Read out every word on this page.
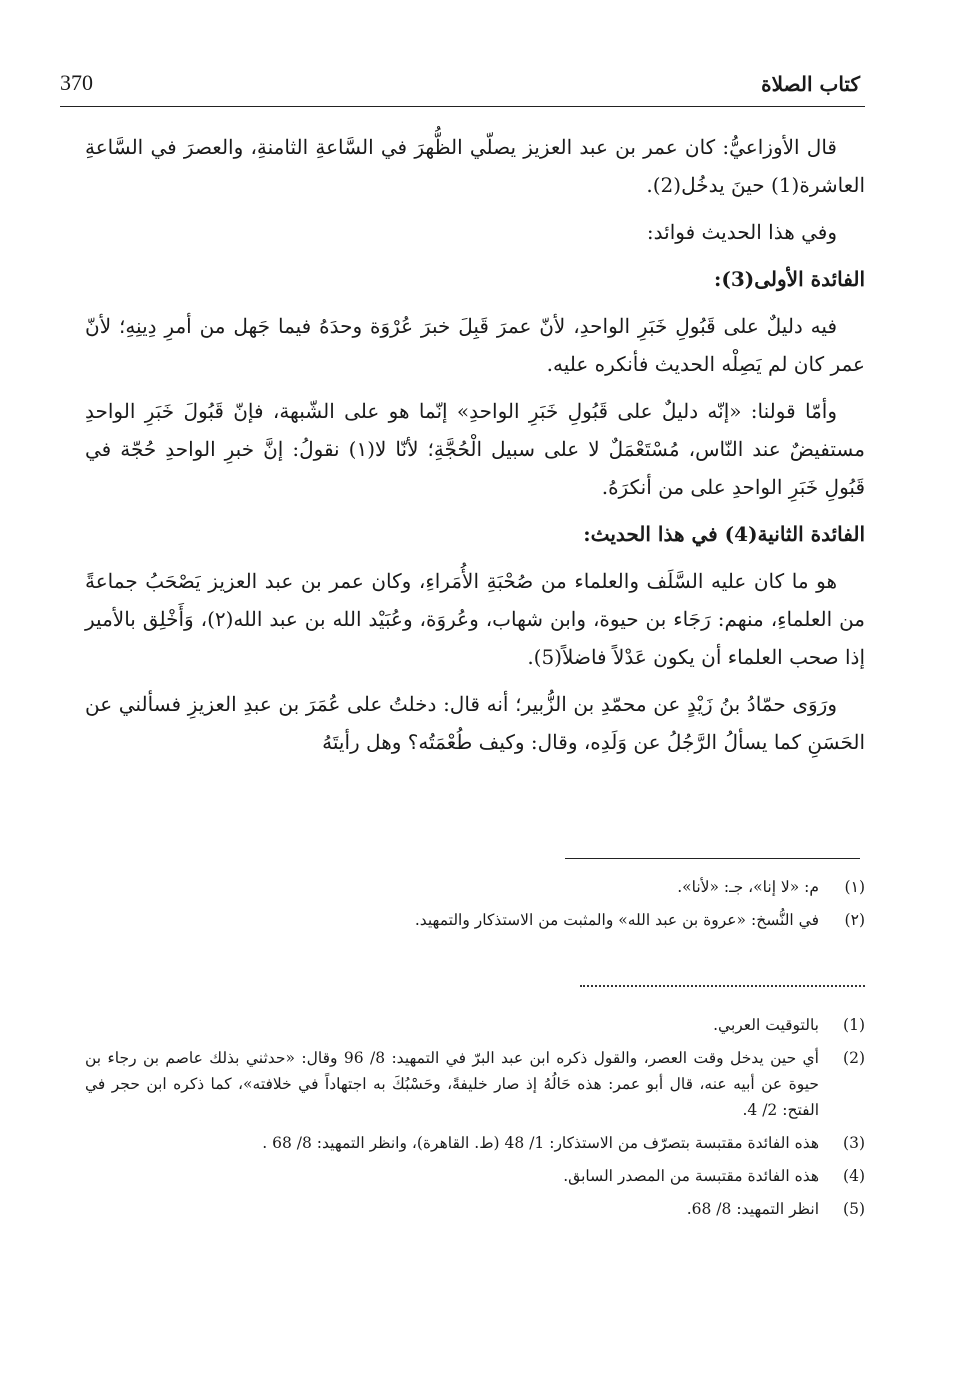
370	كتاب الصلاة

قال الأوزاعيُّ: كان عمر بن عبد العزيز يصلّي الظُّهرَ في السَّاعةِ الثامنةِ، والعصرَ في السَّاعةِ العاشرة(1) حينَ يدخُل(2).

وفي هذا الحديث فوائد:

الفائدة الأولى(3):

فيه دليلٌ على قَبُولِ خَبَرِ الواحدِ، لأنّ عمرَ قَبِلَ خبرَ عُرْوَة وحدَهُ فيما جَهل من أمرِ دِينِهِ؛ لأنّ عمر كان لم يَصِلْه الحديث فأنكره عليه.

وأمّا قولنا: «إنّه دليلٌ على قَبُولِ خَبَرِ الواحدِ» إنّما هو على الشّبهة، فإنّ قَبُولَ خَبَرِ الواحدِ مستفيضٌ عند النّاس، مُسْتَعْمَلٌ لا على سبيل الْحُجَّةِ؛ لأنّا لا(١) نقولُ: إنَّ خبرِ الواحدِ حُجّة في قَبُولِ خَبَرِ الواحدِ على من أنكرَهُ.

الفائدة الثانية(4) في هذا الحديث:

هو ما كان عليه السَّلَف والعلماء من صُحْبَةِ الأُمَراءِ، وكان عمر بن عبد العزيز يَصْحَبُ جماعةً من العلماءِ، منهم: رَجَاء بن حيوة، وابن شهاب، وعُروَة، وعُبَيْد الله بن عبد الله(٢)، وَأَخْلِق بالأمير إذا صحب العلماء أن يكون عَدْلاً فاضلاً(5).

ورَوَى حمّادُ بنُ زَيْدٍ عن محمّدِ بن الزُّبير؛ أنه قال: دخلتُ على عُمَرَ بن عبدِ العزيزِ فسألني عن الحَسَنِ كما يسألُ الرَّجُلُ عن وَلَدِه، وقال: وكيف طُعْمَتُه؟ وهل رأيتَهُ

(١)
م: «لا إنا»، جـ: «لأنا».
(٢)
في النُّسخ: «عروة بن عبد الله» والمثبت من الاستذكار والتمهيد.
(1)
بالتوقيت العربي.
(2)
أي حين يدخل وقت العصر، والقول ذكره ابن عبد البرّ في التمهيد: 8/ 96 وقال: «حدثني بذلك عاصم بن رجاء بن حيوة عن أبيه عنه، قال أبو عمر: هذه حَالُهُ إذ صار خليفةً، وحَسْبُكَ به اجتهاداً في خلافته»، كما ذكره ابن حجر في الفتح: 2/ 4.
(3)
هذه الفائدة مقتبسة بتصرّف من الاستذكار: 1/ 48 (ط. القاهرة)، وانظر التمهيد: 8/ 68 .
(4)
هذه الفائدة مقتبسة من المصدر السابق.
(5)
انظر التمهيد: 8/ 68.
